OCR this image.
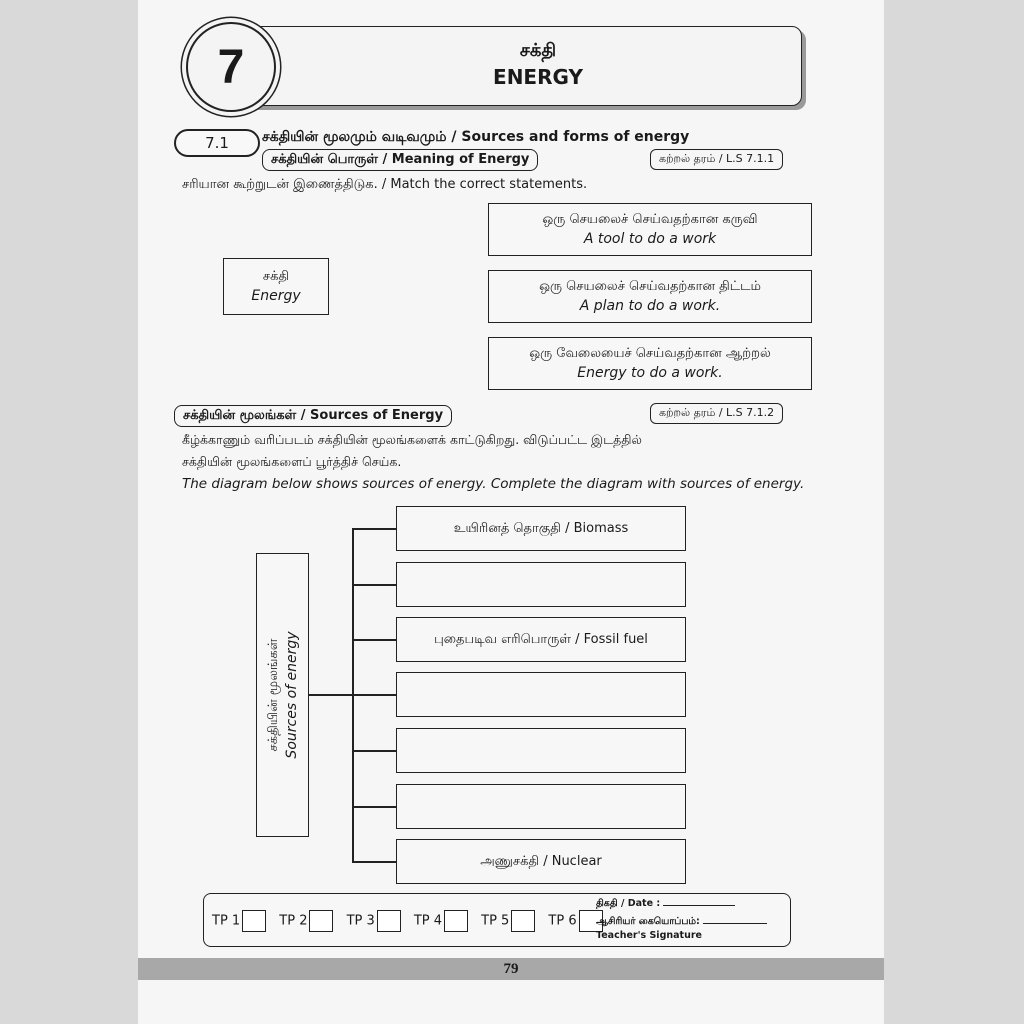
7	சக்தி
ENERGY
7.1 சக்தியின் மூலமும் வடிவமும் / Sources and forms of energy
சக்தியின் பொருள் / Meaning of Energy	கற்றல் தரம் / L.S 7.1.1
சரியான கூற்றுடன் இணைத்திடுக. / Match the correct statements.
சக்தி
Energy
ஒரு செயலைச் செய்வதற்கான கருவி
A tool to do a work
ஒரு செயலைச் செய்வதற்கான திட்டம்
A plan to do a work.
ஒரு வேலையைச் செய்வதற்கான ஆற்றல்
Energy to do a work.
சக்தியின் மூலங்கள் / Sources of Energy	கற்றல் தரம் / L.S 7.1.2
கீழ்க்காணும் வரிப்படம் சக்தியின் மூலங்களைக் காட்டுகிறது. விடுப்பட்ட இடத்தில்
சக்தியின் மூலங்களைப் பூர்த்திச் செய்க.
The diagram below shows sources of energy. Complete the diagram with sources of energy.
சக்தியின் மூலங்கள் Sources of energy
உயிரினத் தொகுதி / Biomass
புதைபடிவ எரிபொருள் / Fossil fuel
அணுசக்தி / Nuclear
TP 1	TP 2	TP 3	TP 4	TP 5	TP 6
திகதி / Date :
ஆசிரியர் கையொப்பம்:
Teacher's Signature
79
